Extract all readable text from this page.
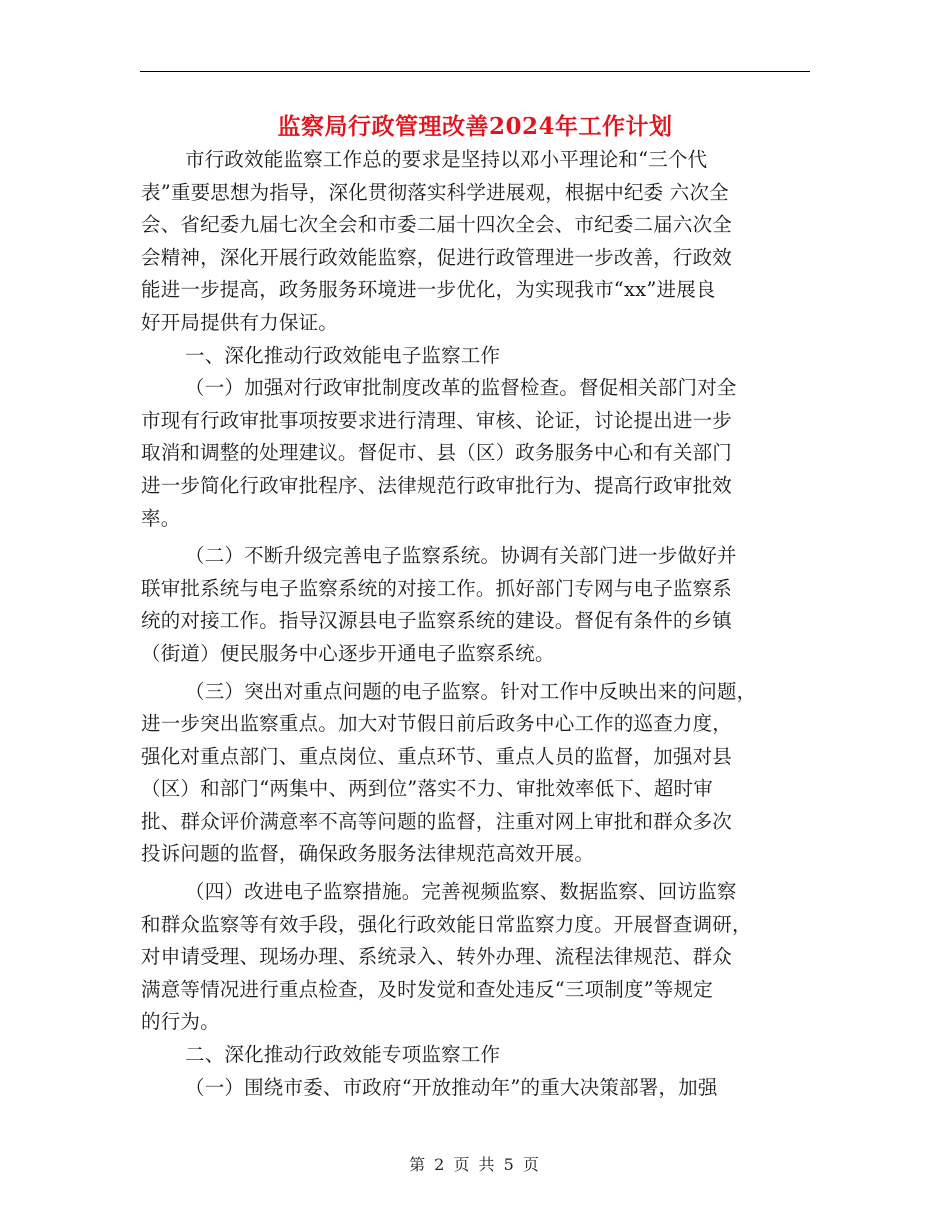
监察局行政管理改善2024年工作计划
市行政效能监察工作总的要求是坚持以邓小平理论和“三个代
表”重要思想为指导，深化贯彻落实科学进展观，根据中纪委 六次全
会、省纪委九届七次全会和市委二届十四次全会、市纪委二届六次全
会精神，深化开展行政效能监察，促进行政管理进一步改善，行政效
能进一步提高，政务服务环境进一步优化，为实现我市“xx”进展良
好开局提供有力保证。
一、深化推动行政效能电子监察工作
（一）加强对行政审批制度改革的监督检查。督促相关部门对全
市现有行政审批事项按要求进行清理、审核、论证，讨论提出进一步
取消和调整的处理建议。督促市、县（区）政务服务中心和有关部门
进一步简化行政审批程序、法律规范行政审批行为、提高行政审批效
率。
（二）不断升级完善电子监察系统。协调有关部门进一步做好并
联审批系统与电子监察系统的对接工作。抓好部门专网与电子监察系
统的对接工作。指导汉源县电子监察系统的建设。督促有条件的乡镇
（街道）便民服务中心逐步开通电子监察系统。
（三）突出对重点问题的电子监察。针对工作中反映出来的问题，
进一步突出监察重点。加大对节假日前后政务中心工作的巡查力度，
强化对重点部门、重点岗位、重点环节、重点人员的监督，加强对县
（区）和部门“两集中、两到位”落实不力、审批效率低下、超时审
批、群众评价满意率不高等问题的监督，注重对网上审批和群众多次
投诉问题的监督，确保政务服务法律规范高效开展。
（四）改进电子监察措施。完善视频监察、数据监察、回访监察
和群众监察等有效手段，强化行政效能日常监察力度。开展督查调研，
对申请受理、现场办理、系统录入、转外办理、流程法律规范、群众
满意等情况进行重点检查，及时发觉和查处违反“三项制度”等规定
的行为。
二、深化推动行政效能专项监察工作
（一）围绕市委、市政府“开放推动年”的重大决策部署，加强
第 2 页 共 5 页
